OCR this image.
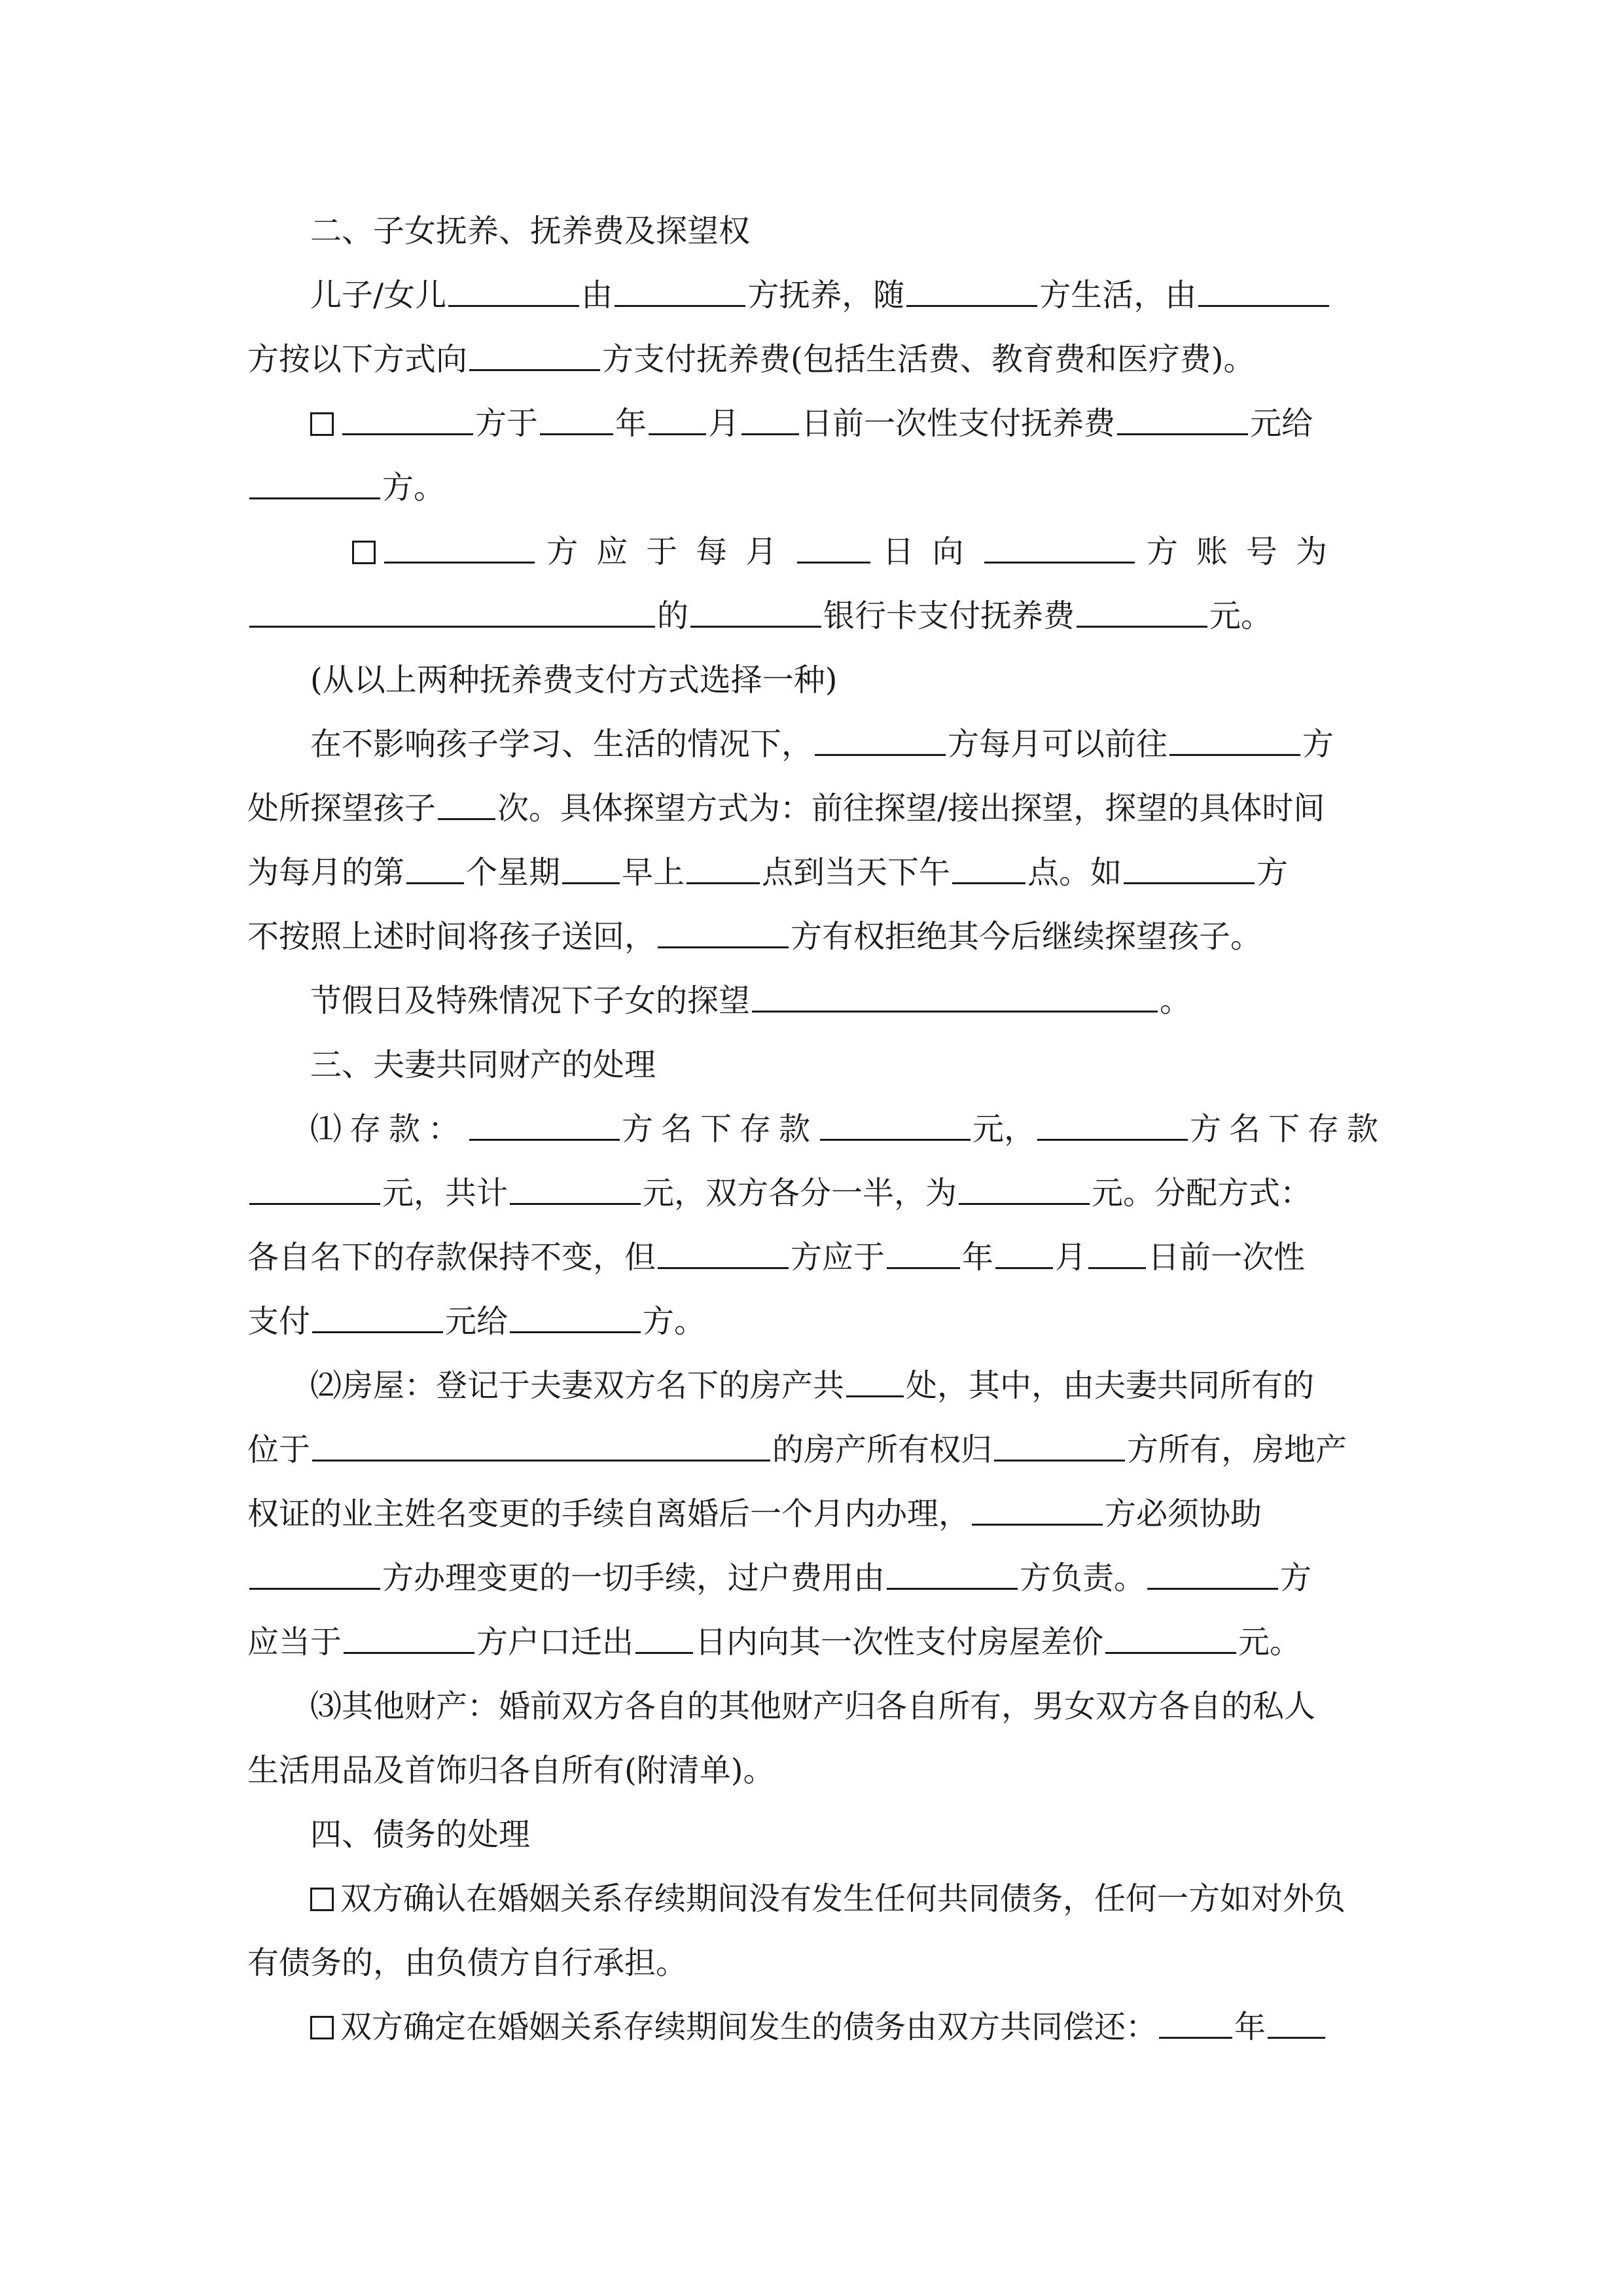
二、子女抚养、抚养费及探望权
儿子/女儿	由	方抚养，随	方生活，由
方按以下方式向	方支付抚养费(包括生活费、教育费和医疗费)。
方于 年 月 日前一次性支付抚养费	元给
方。
方应于每月	日向	方账号为
的	银行卡支付抚养费	元。
(从以上两种抚养费支付方式选择一种)
在不影响孩子学习、生活的情况下，	方每月可以前往	方
处所探望孩子 次。具体探望方式为：前往探望/接出探望，探望的具体时间
为每月的第 个星期 早上 点到当天下午 点。如	方
不按照上述时间将孩子送回，	方有权拒绝其今后继续探望孩子。
节假日及特殊情况下子女的探望	。
三、夫妻共同财产的处理
⑴存款：	方名下存款	元，	方名下存款
元，共计	元，双方各分一半，为	元。分配方式：
各自名下的存款保持不变，但	方应于 年 月 日前一次性
支付	元给	方。
⑵房屋：登记于夫妻双方名下的房产共 处，其中，由夫妻共同所有的
位于	的房产所有权归	方所有，房地产
权证的业主姓名变更的手续自离婚后一个月内办理，	方必须协助
方办理变更的一切手续，过户费用由	方负责。	方
应当于	方户口迁出 日内向其一次性支付房屋差价	元。
⑶其他财产：婚前双方各自的其他财产归各自所有，男女双方各自的私人
生活用品及首饰归各自所有(附清单)。
四、债务的处理
双方确认在婚姻关系存续期间没有发生任何共同债务，任何一方如对外负
有债务的，由负债方自行承担。
双方确定在婚姻关系存续期间发生的债务由双方共同偿还： 年
